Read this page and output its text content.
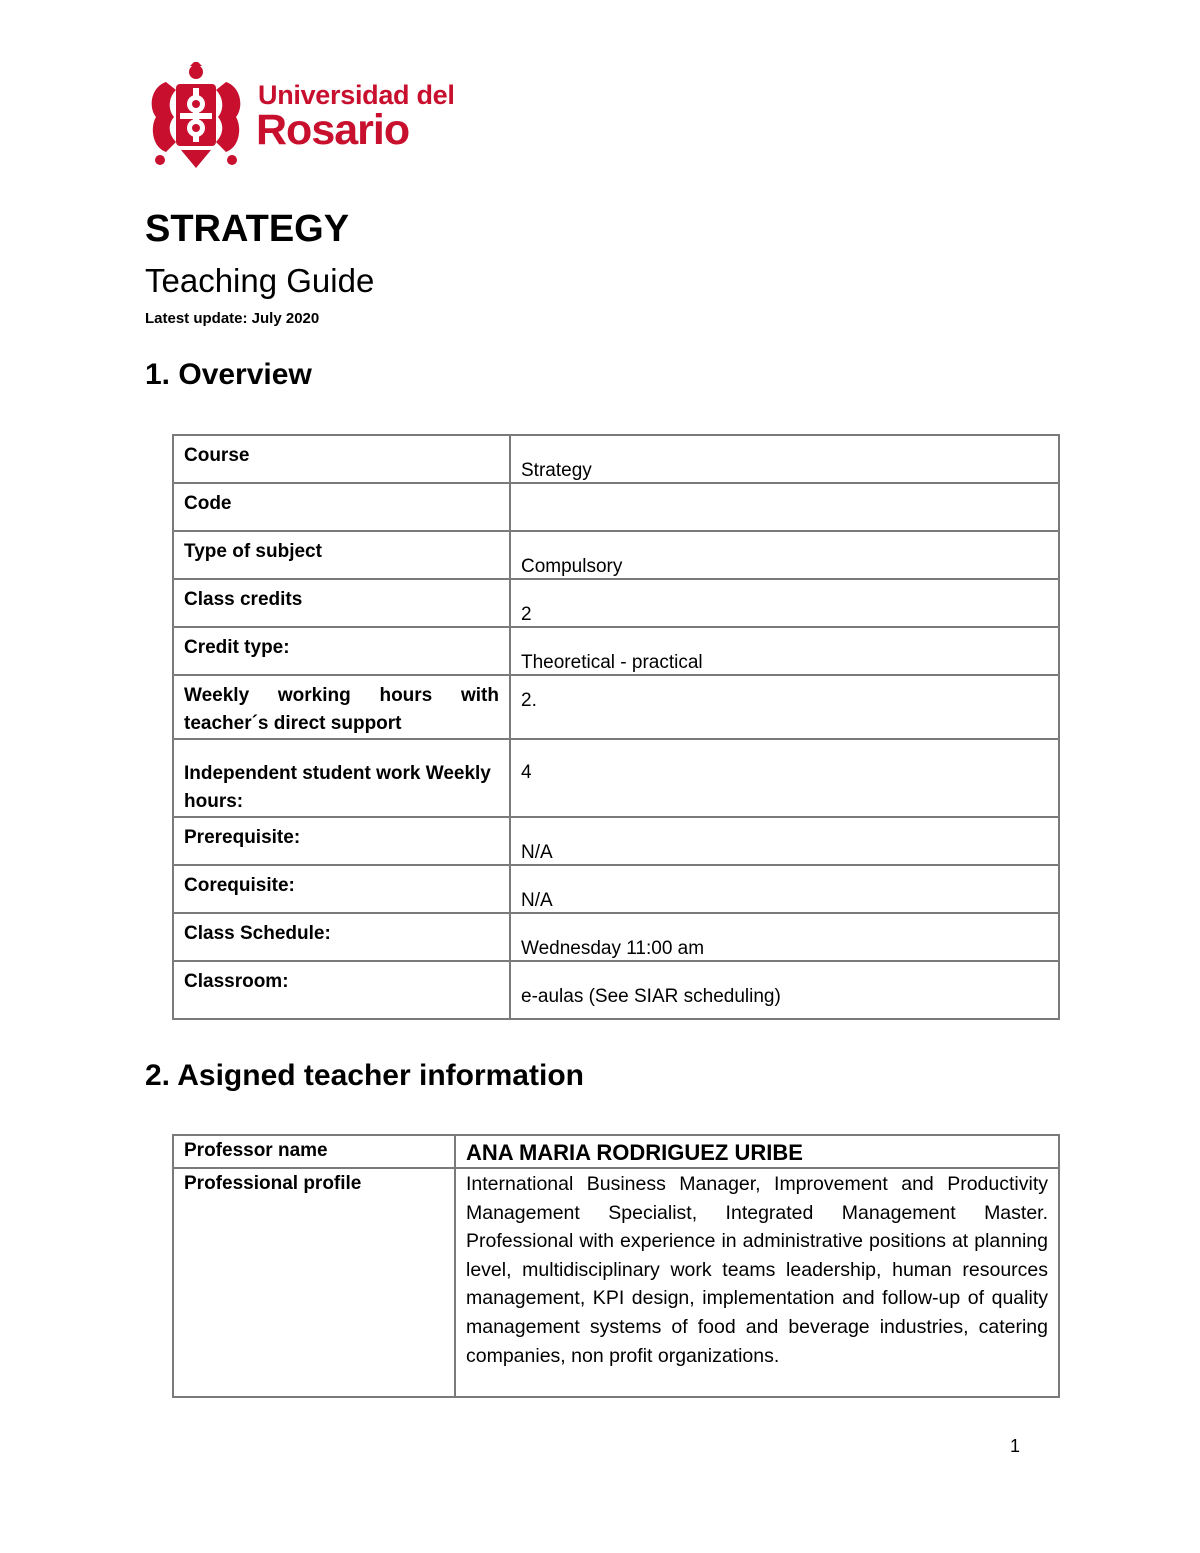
Universidad del
Rosario
STRATEGY
Teaching Guide

Latest update: July 2020

1. Overview
Course	Strategy
Code	
Type of subject	Compulsory
Class credits	2
Credit type:	Theoretical - practical
Weekly working hours with teacher´s direct support	2.
Independent student work Weekly hours:	4
Prerequisite:	N/A
Corequisite:	N/A
Class Schedule:	Wednesday 11:00 am
Classroom:	e-aulas (See SIAR scheduling)
2. Asigned teacher information
Professor name	ANA MARIA RODRIGUEZ URIBE
Professional profile	International Business Manager, Improvement and Productivity Management Specialist, Integrated Management Master. Professional with experience in administrative positions at planning level, multidisciplinary work teams leadership, human resources management, KPI design, implementation and follow-up of quality management systems of food and beverage industries, catering companies, non profit organizations.
1
